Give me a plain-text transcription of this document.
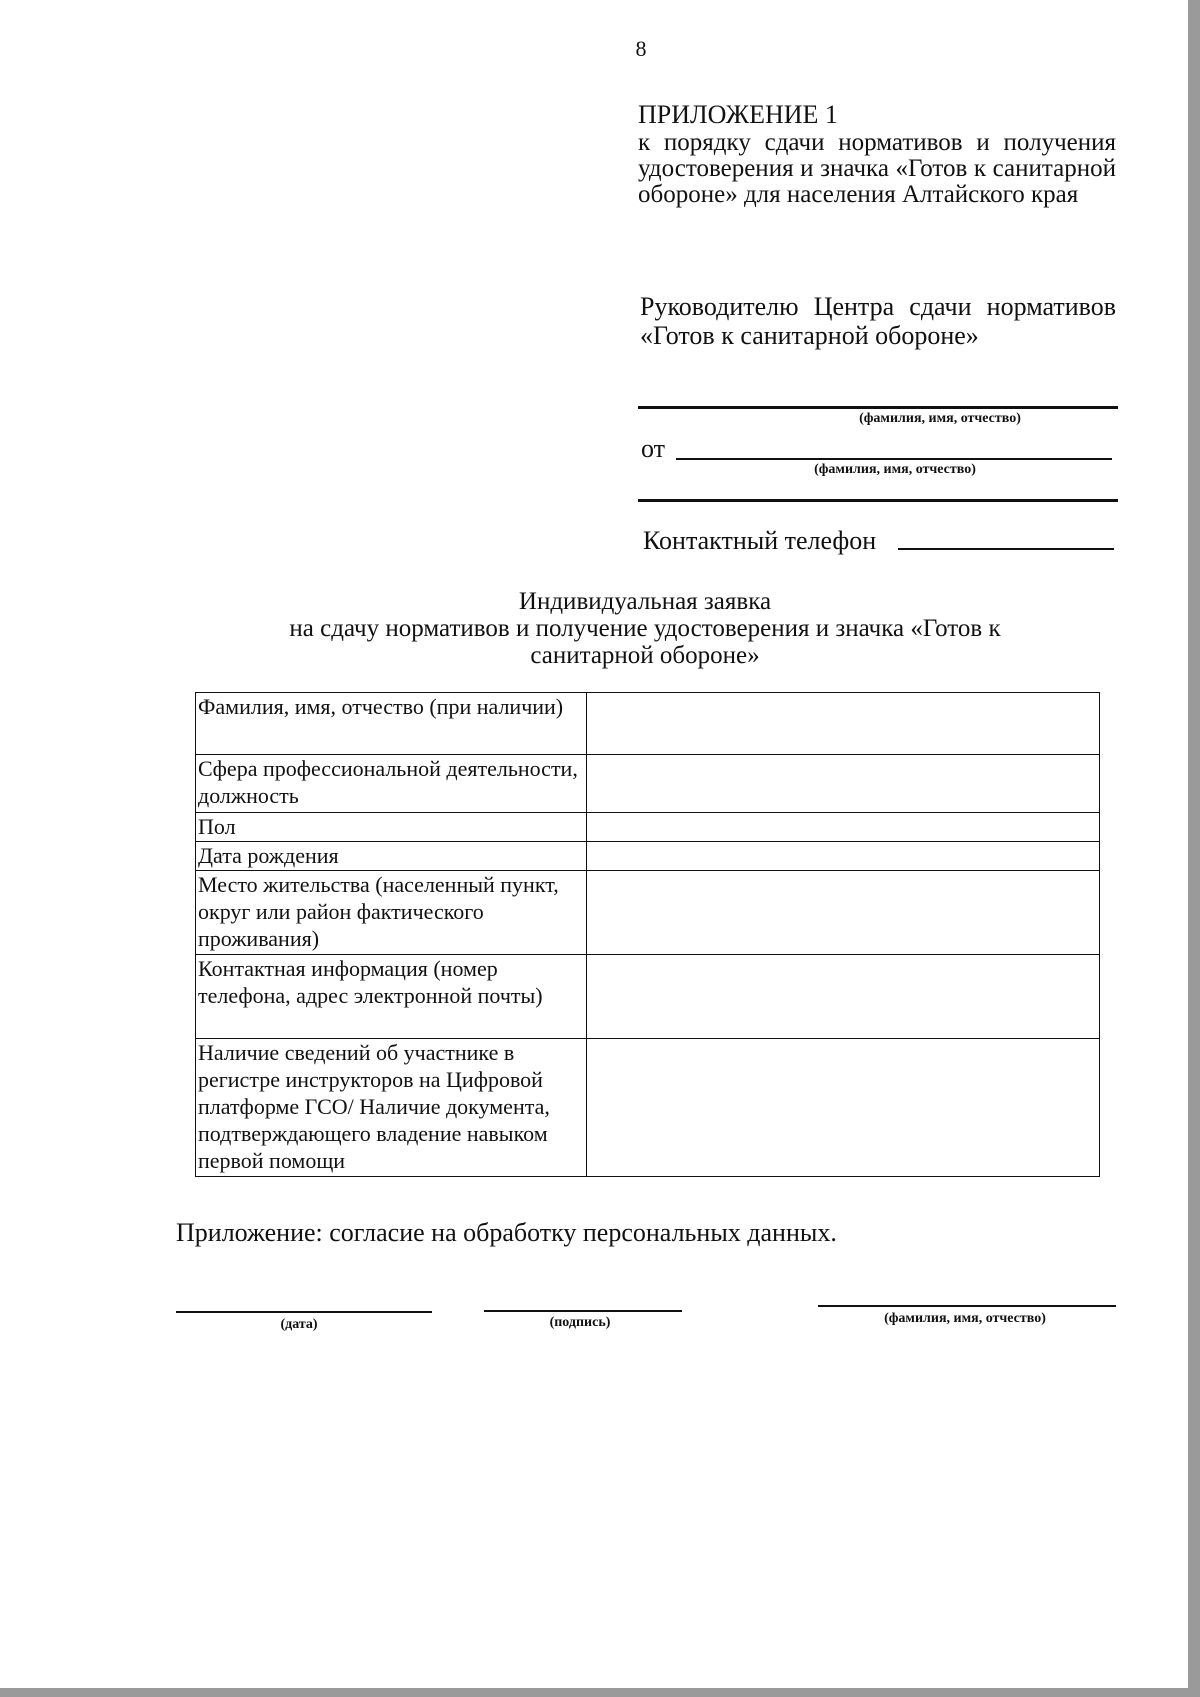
8
ПРИЛОЖЕНИЕ 1
к порядку сдачи нормативов и получения удостоверения и значка «Готов к санитарной обороне» для населения Алтайского края
Руководителю Центра сдачи нормативов «Готов к санитарной обороне»
(фамилия, имя, отчество)
от
(фамилия, имя, отчество)
Контактный телефон
Индивидуальная заявка
на сдачу нормативов и получение удостоверения и значка «Готов к санитарной обороне»
Фамилия, имя, отчество (при наличии)	
Сфера профессиональной деятельности, должность	
Пол	
Дата рождения	
Место жительства (населенный пункт, округ или район фактического проживания)	
Контактная информация (номер телефона, адрес электронной почты)	
Наличие сведений об участнике в регистре инструкторов на Цифровой платформе ГСО/ Наличие документа, подтверждающего владение навыком первой помощи	
Приложение: согласие на обработку персональных данных.
(дата)	(подпись)	(фамилия, имя, отчество)
